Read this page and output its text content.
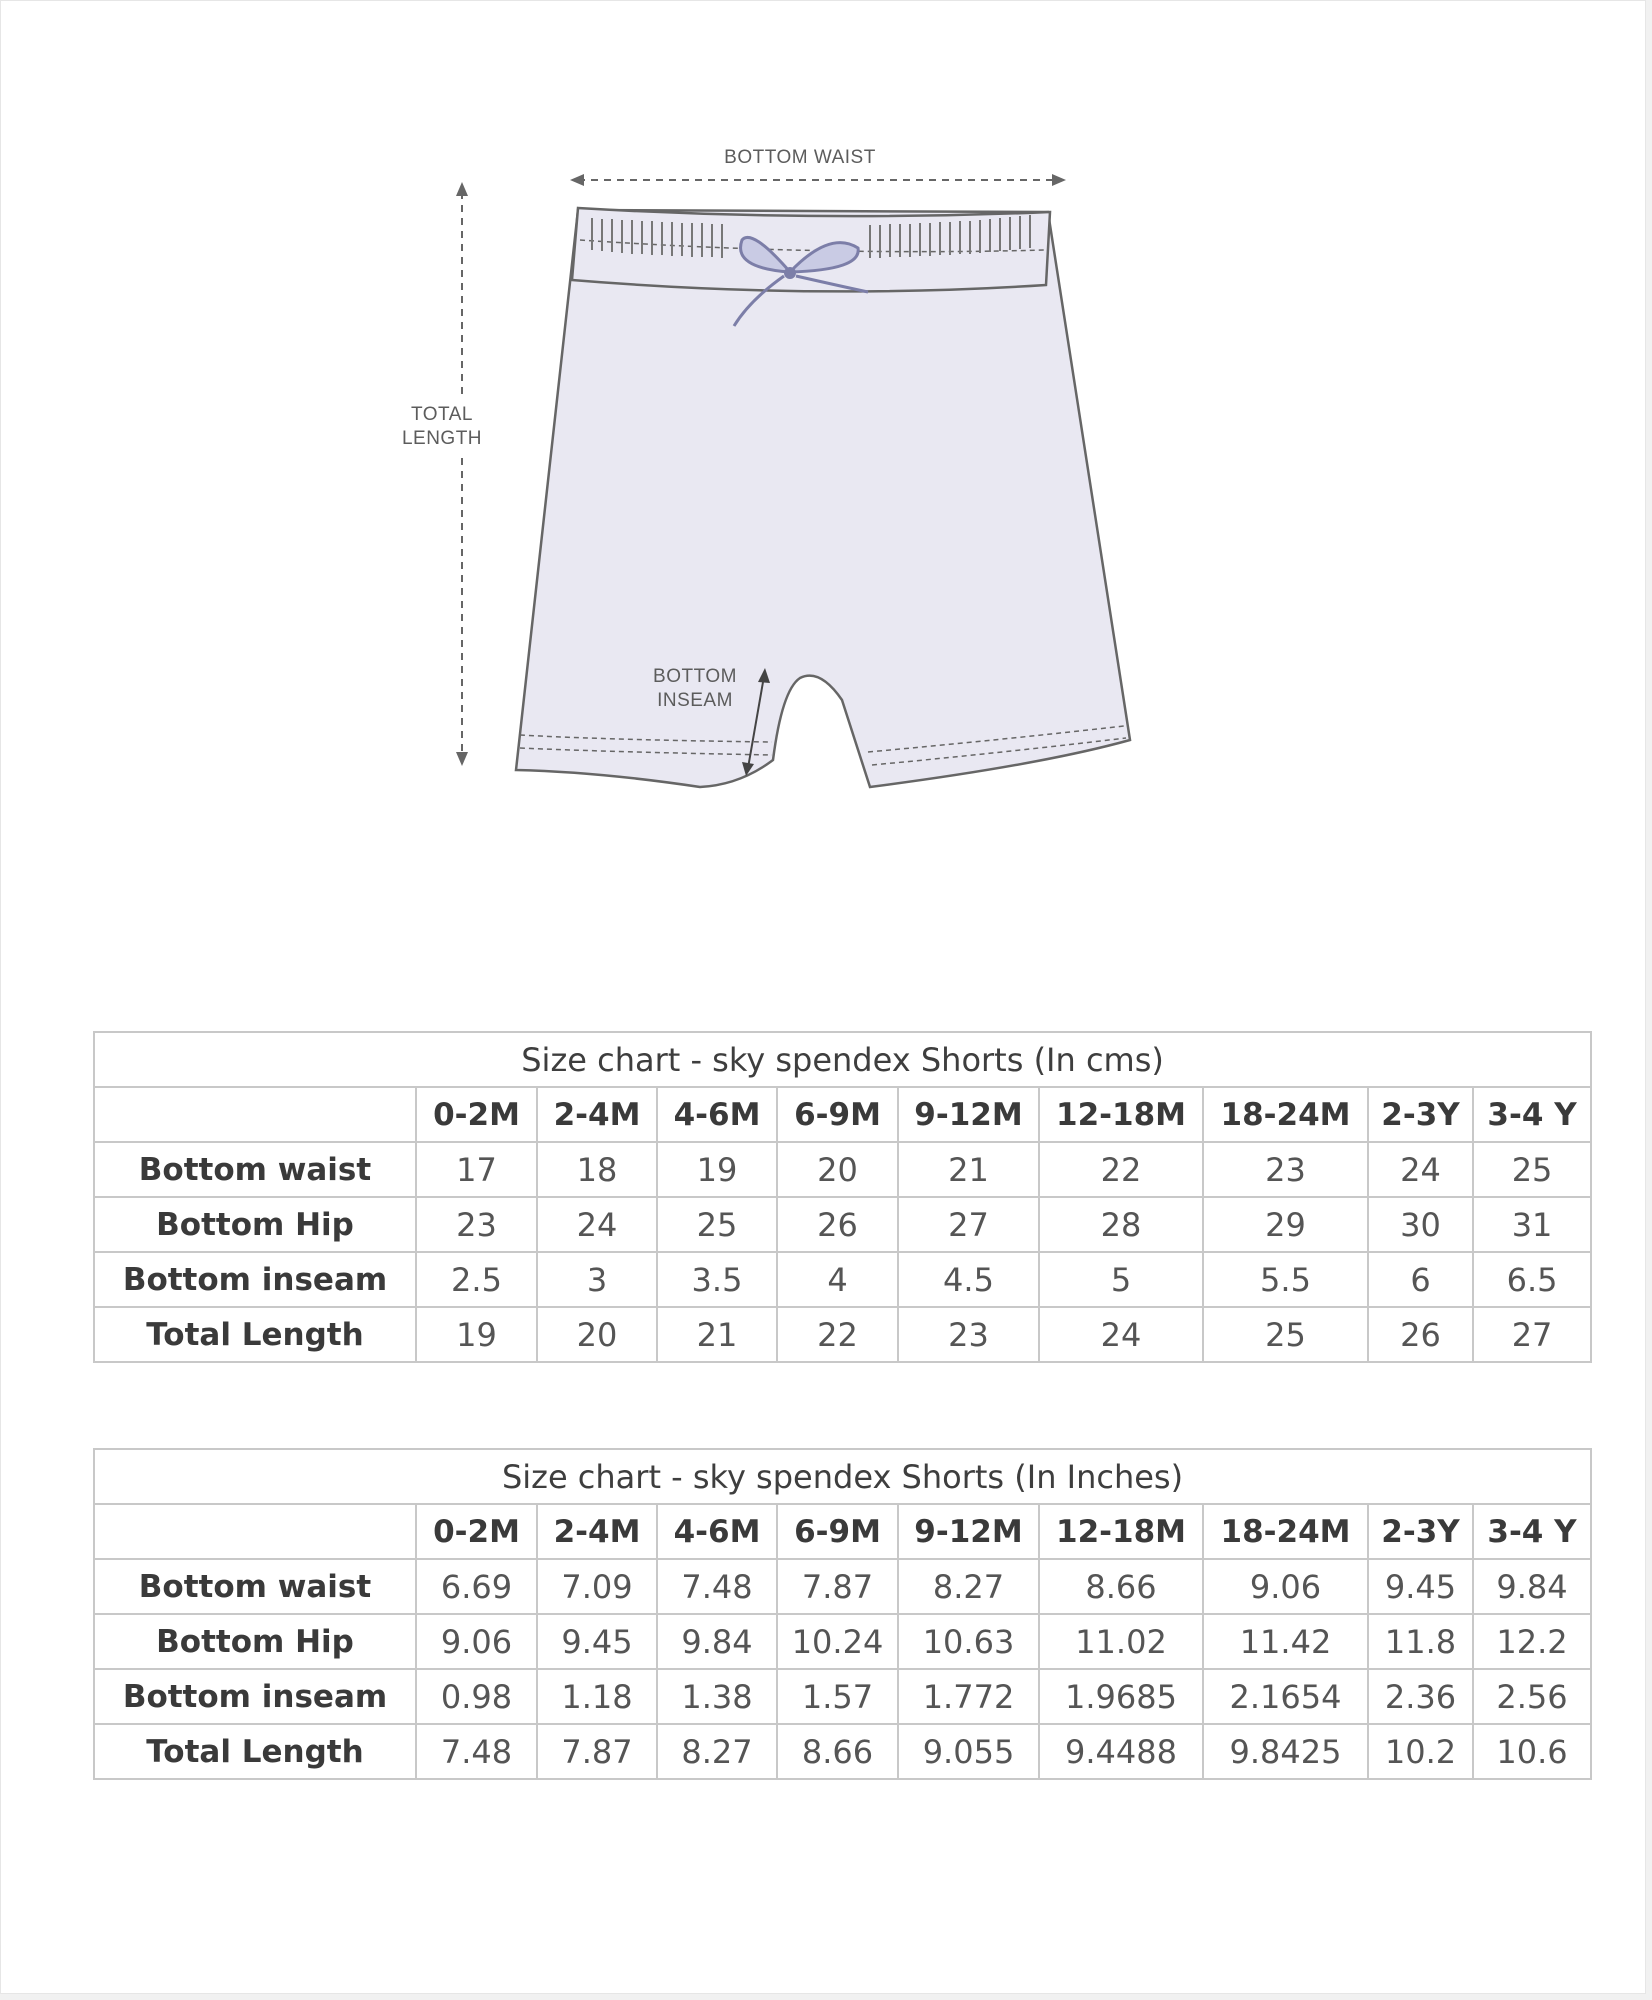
BOTTOM WAIST
TOTAL
LENGTH
BOTTOM
INSEAM
Size chart - sky spendex Shorts (In cms)									
	0-2M	2-4M	4-6M	6-9M	9-12M	12-18M	18-24M	2-3Y	3-4 Y
Bottom waist	17	18	19	20	21	22	23	24	25
Bottom Hip	23	24	25	26	27	28	29	30	31
Bottom inseam	2.5	3	3.5	4	4.5	5	5.5	6	6.5
Total Length	19	20	21	22	23	24	25	26	27
Size chart - sky spendex Shorts (In Inches)									
	0-2M	2-4M	4-6M	6-9M	9-12M	12-18M	18-24M	2-3Y	3-4 Y
Bottom waist	6.69	7.09	7.48	7.87	8.27	8.66	9.06	9.45	9.84
Bottom Hip	9.06	9.45	9.84	10.24	10.63	11.02	11.42	11.8	12.2
Bottom inseam	0.98	1.18	1.38	1.57	1.772	1.9685	2.1654	2.36	2.56
Total Length	7.48	7.87	8.27	8.66	9.055	9.4488	9.8425	10.2	10.6
